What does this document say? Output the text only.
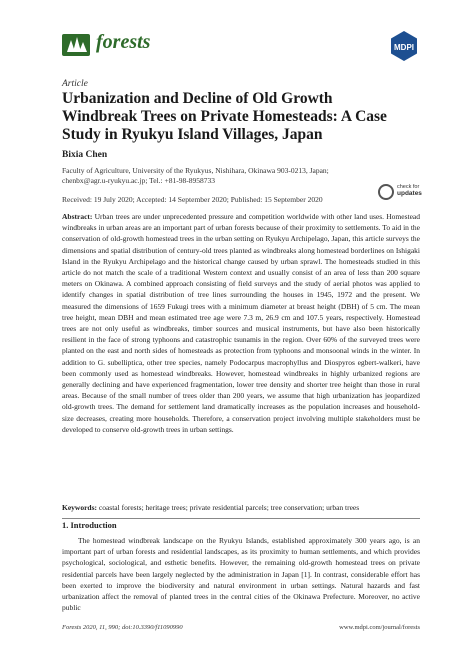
forests	MDPI
Article
Urbanization and Decline of Old Growth Windbreak Trees on Private Homesteads: A Case Study in Ryukyu Island Villages, Japan
Bixia Chen
Faculty of Agriculture, University of the Ryukyus, Nishihara, Okinawa 903-0213, Japan; chenbx@agr.u-ryukyu.ac.jp; Tel.: +81-98-8958733
Received: 19 July 2020; Accepted: 14 September 2020; Published: 15 September 2020
check for
updates

Abstract: Urban trees are under unprecedented pressure and competition worldwide with other land uses. Homestead windbreaks in urban areas are an important part of urban forests because of their proximity to settlements. To aid in the conservation of old-growth homestead trees in the urban setting on Ryukyu Archipelago, Japan, this article surveys the dimensions and spatial distribution of century-old trees planted as windbreaks along homestead borderlines on Ishigaki Island in the Ryukyu Archipelago and the historical change caused by urban sprawl. The homesteads studied in this article do not match the scale of a traditional Western context and usually consist of an area of less than 200 square meters on Okinawa. A combined approach consisting of field surveys and the study of aerial photos was applied to identify changes in spatial distribution of tree lines surrounding the houses in 1945, 1972 and the present. We measured the dimensions of 1659 Fukugi trees with a minimum diameter at breast height (DBH) of 5 cm. The mean tree height, mean DBH and mean estimated tree age were 7.3 m, 26.9 cm and 107.5 years, respectively. Homestead trees are not only useful as windbreaks, timber sources and musical instruments, but have also been historically resilient in the face of strong typhoons and catastrophic tsunamis in the region. Over 60% of the surveyed trees were planted on the east and north sides of homesteads as protection from typhoons and monsoonal winds in the winter. In addition to G. subelliptica, other tree species, namely Podocarpus macrophyllus and Diospyros egbert-walkeri, have been commonly used as homestead windbreaks. However, homestead windbreaks in highly urbanized regions are generally declining and have experienced fragmentation, lower tree density and shorter tree height than those in rural areas. Because of the small number of trees older than 200 years, we assume that high urbanization has jeopardized old-growth trees. The demand for settlement land dramatically increases as the population increases and household-size decreases, creating more households. Therefore, a conservation project involving multiple stakeholders must be developed to conserve old-growth trees in urban settings.

Keywords: coastal forests; heritage trees; private residential parcels; tree conservation; urban trees

1. Introduction

The homestead windbreak landscape on the Ryukyu Islands, established approximately 300 years ago, is an important part of urban forests and residential landscapes, as its proximity to human settlements, and which provides psychological, sociological, and esthetic benefits. However, the remaining old-growth homestead trees on private residential parcels have been largely neglected by the administration in Japan [1]. In contrast, considerable effort has been exerted to improve the biodiversity and natural environment in urban settings. Natural hazards and fast urbanization affect the removal of planted trees in the central cities of the Okinawa Prefecture. Moreover, no active public

Forests 2020, 11, 990; doi:10.3390/f11090990	www.mdpi.com/journal/forests
